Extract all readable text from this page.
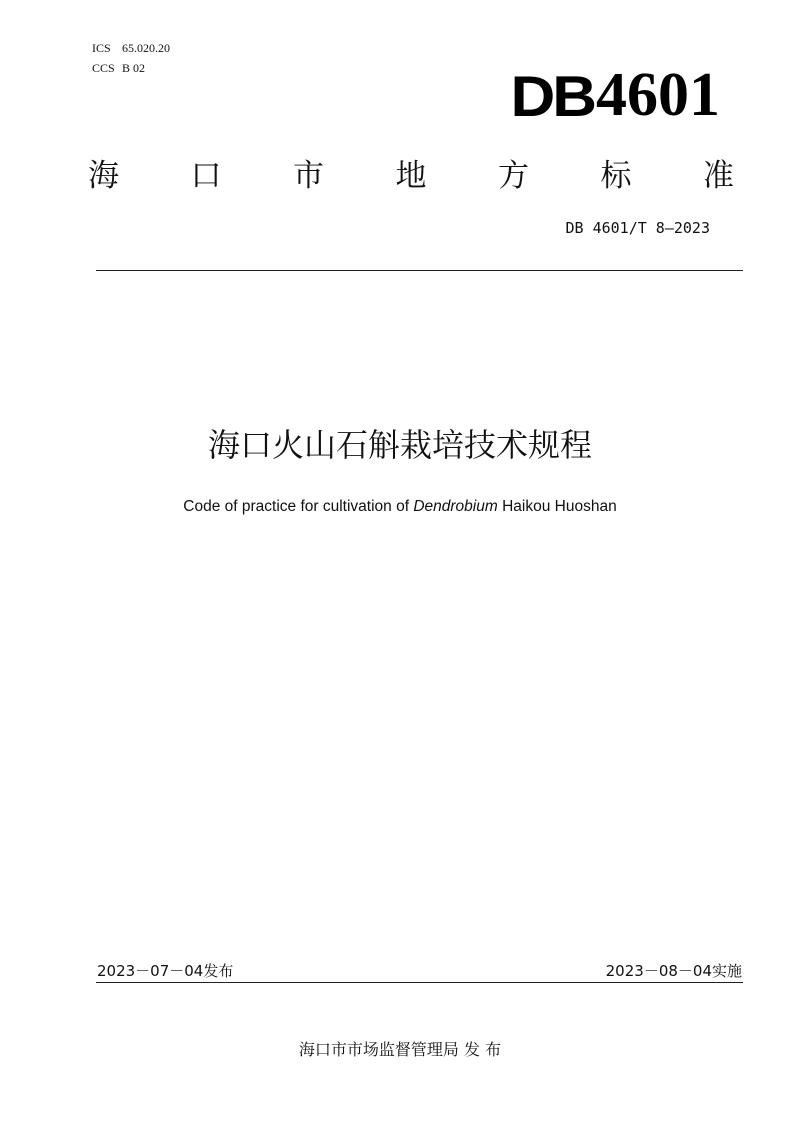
ICS 65.020.20
CCS B 02	DB 4601
海 口 市 地 方 标 准
DB 4601/T 8—2023
海口火山石斛栽培技术规程
Code of practice for cultivation of Dendrobium Haikou Huoshan
2023－07－04发布	2023－08－04实施
海口市市场监督管理局 发 布
